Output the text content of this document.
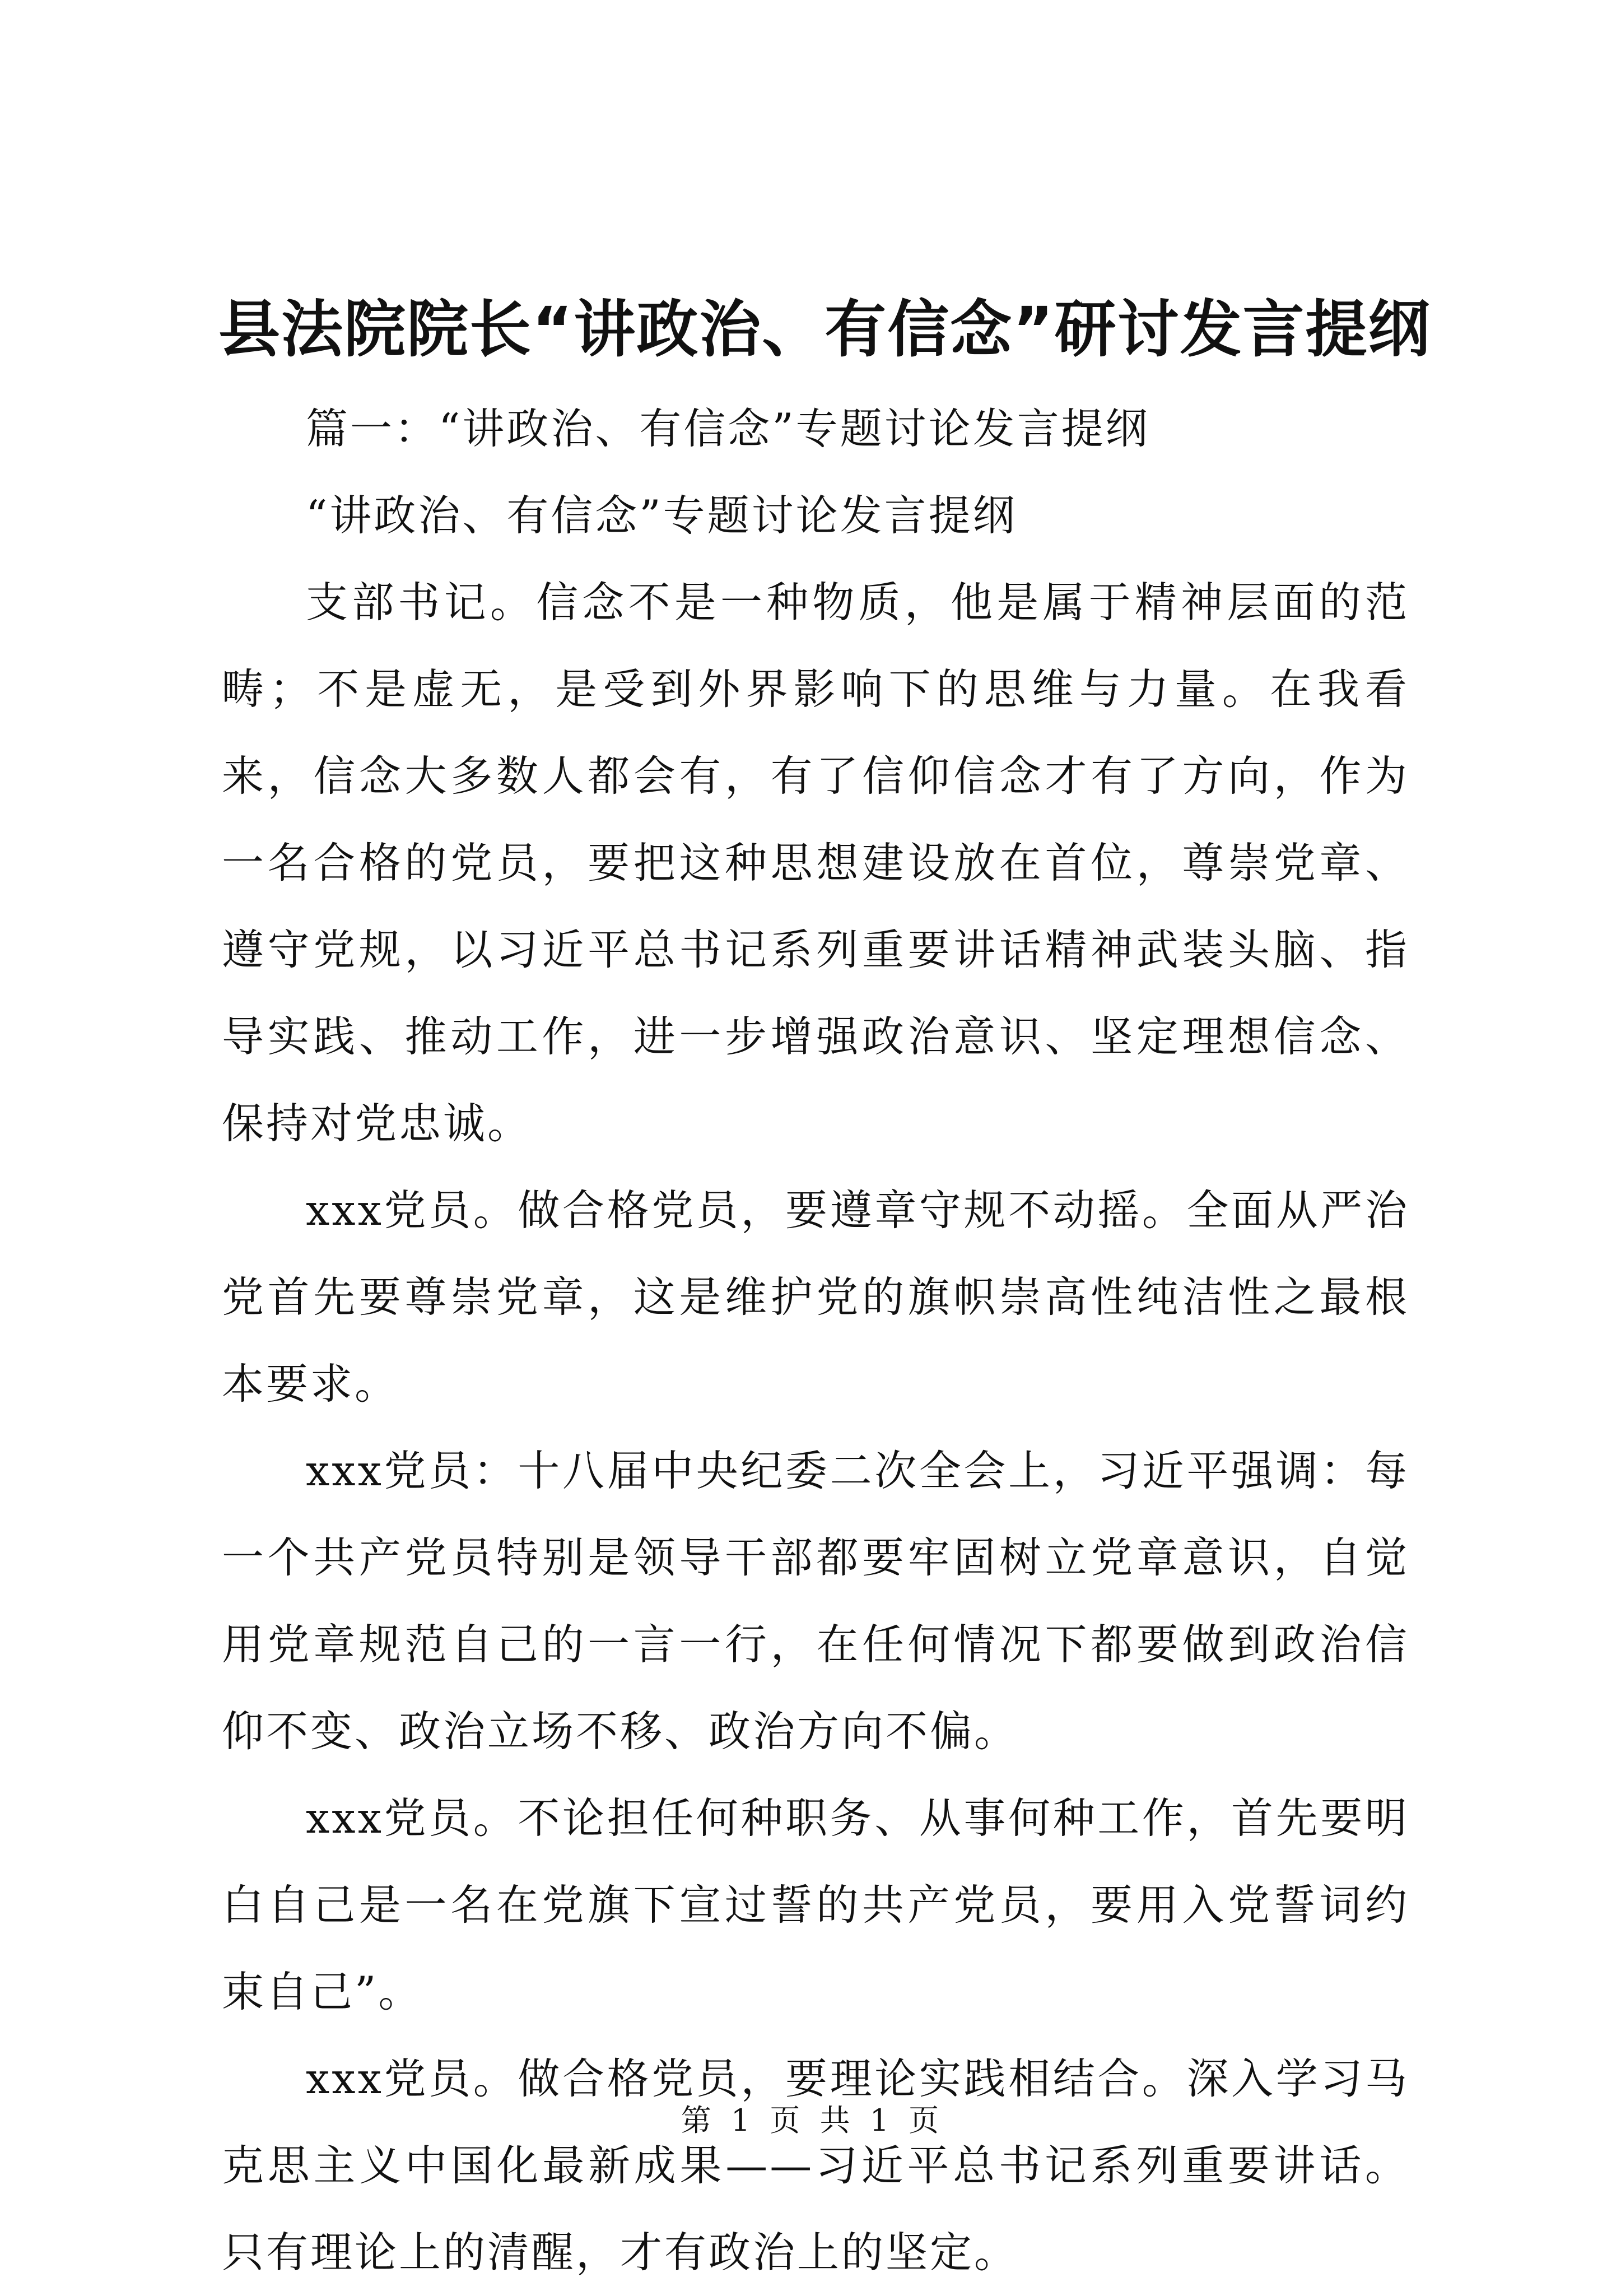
县法院院长“讲政治、有信念”研讨发言提纲

篇一：“讲政治、有信念”专题讨论发言提纲

“讲政治、有信念”专题讨论发言提纲

支部书记。信念不是一种物质，他是属于精神层面的范畴；不是虚无，是受到外界影响下的思维与力量。在我看来，信念大多数人都会有，有了信仰信念才有了方向，作为一名合格的党员，要把这种思想建设放在首位，尊崇党章、遵守党规，以习近平总书记系列重要讲话精神武装头脑、指导实践、推动工作，进一步增强政治意识、坚定理想信念、保持对党忠诚。

xxx党员。做合格党员，要遵章守规不动摇。全面从严治党首先要尊崇党章，这是维护党的旗帜崇高性纯洁性之最根本要求。

xxx党员：十八届中央纪委二次全会上，习近平强调：每一个共产党员特别是领导干部都要牢固树立党章意识，自觉用党章规范自己的一言一行，在任何情况下都要做到政治信仰不变、政治立场不移、政治方向不偏。

xxx党员。不论担任何种职务、从事何种工作，首先要明白自己是一名在党旗下宣过誓的共产党员，要用入党誓词约束自己”。

xxx党员。做合格党员，要理论实践相结合。深入学习马克思主义中国化最新成果——习近平总书记系列重要讲话。只有理论上的清醒，才有政治上的坚定。

第 1 页 共 1 页
